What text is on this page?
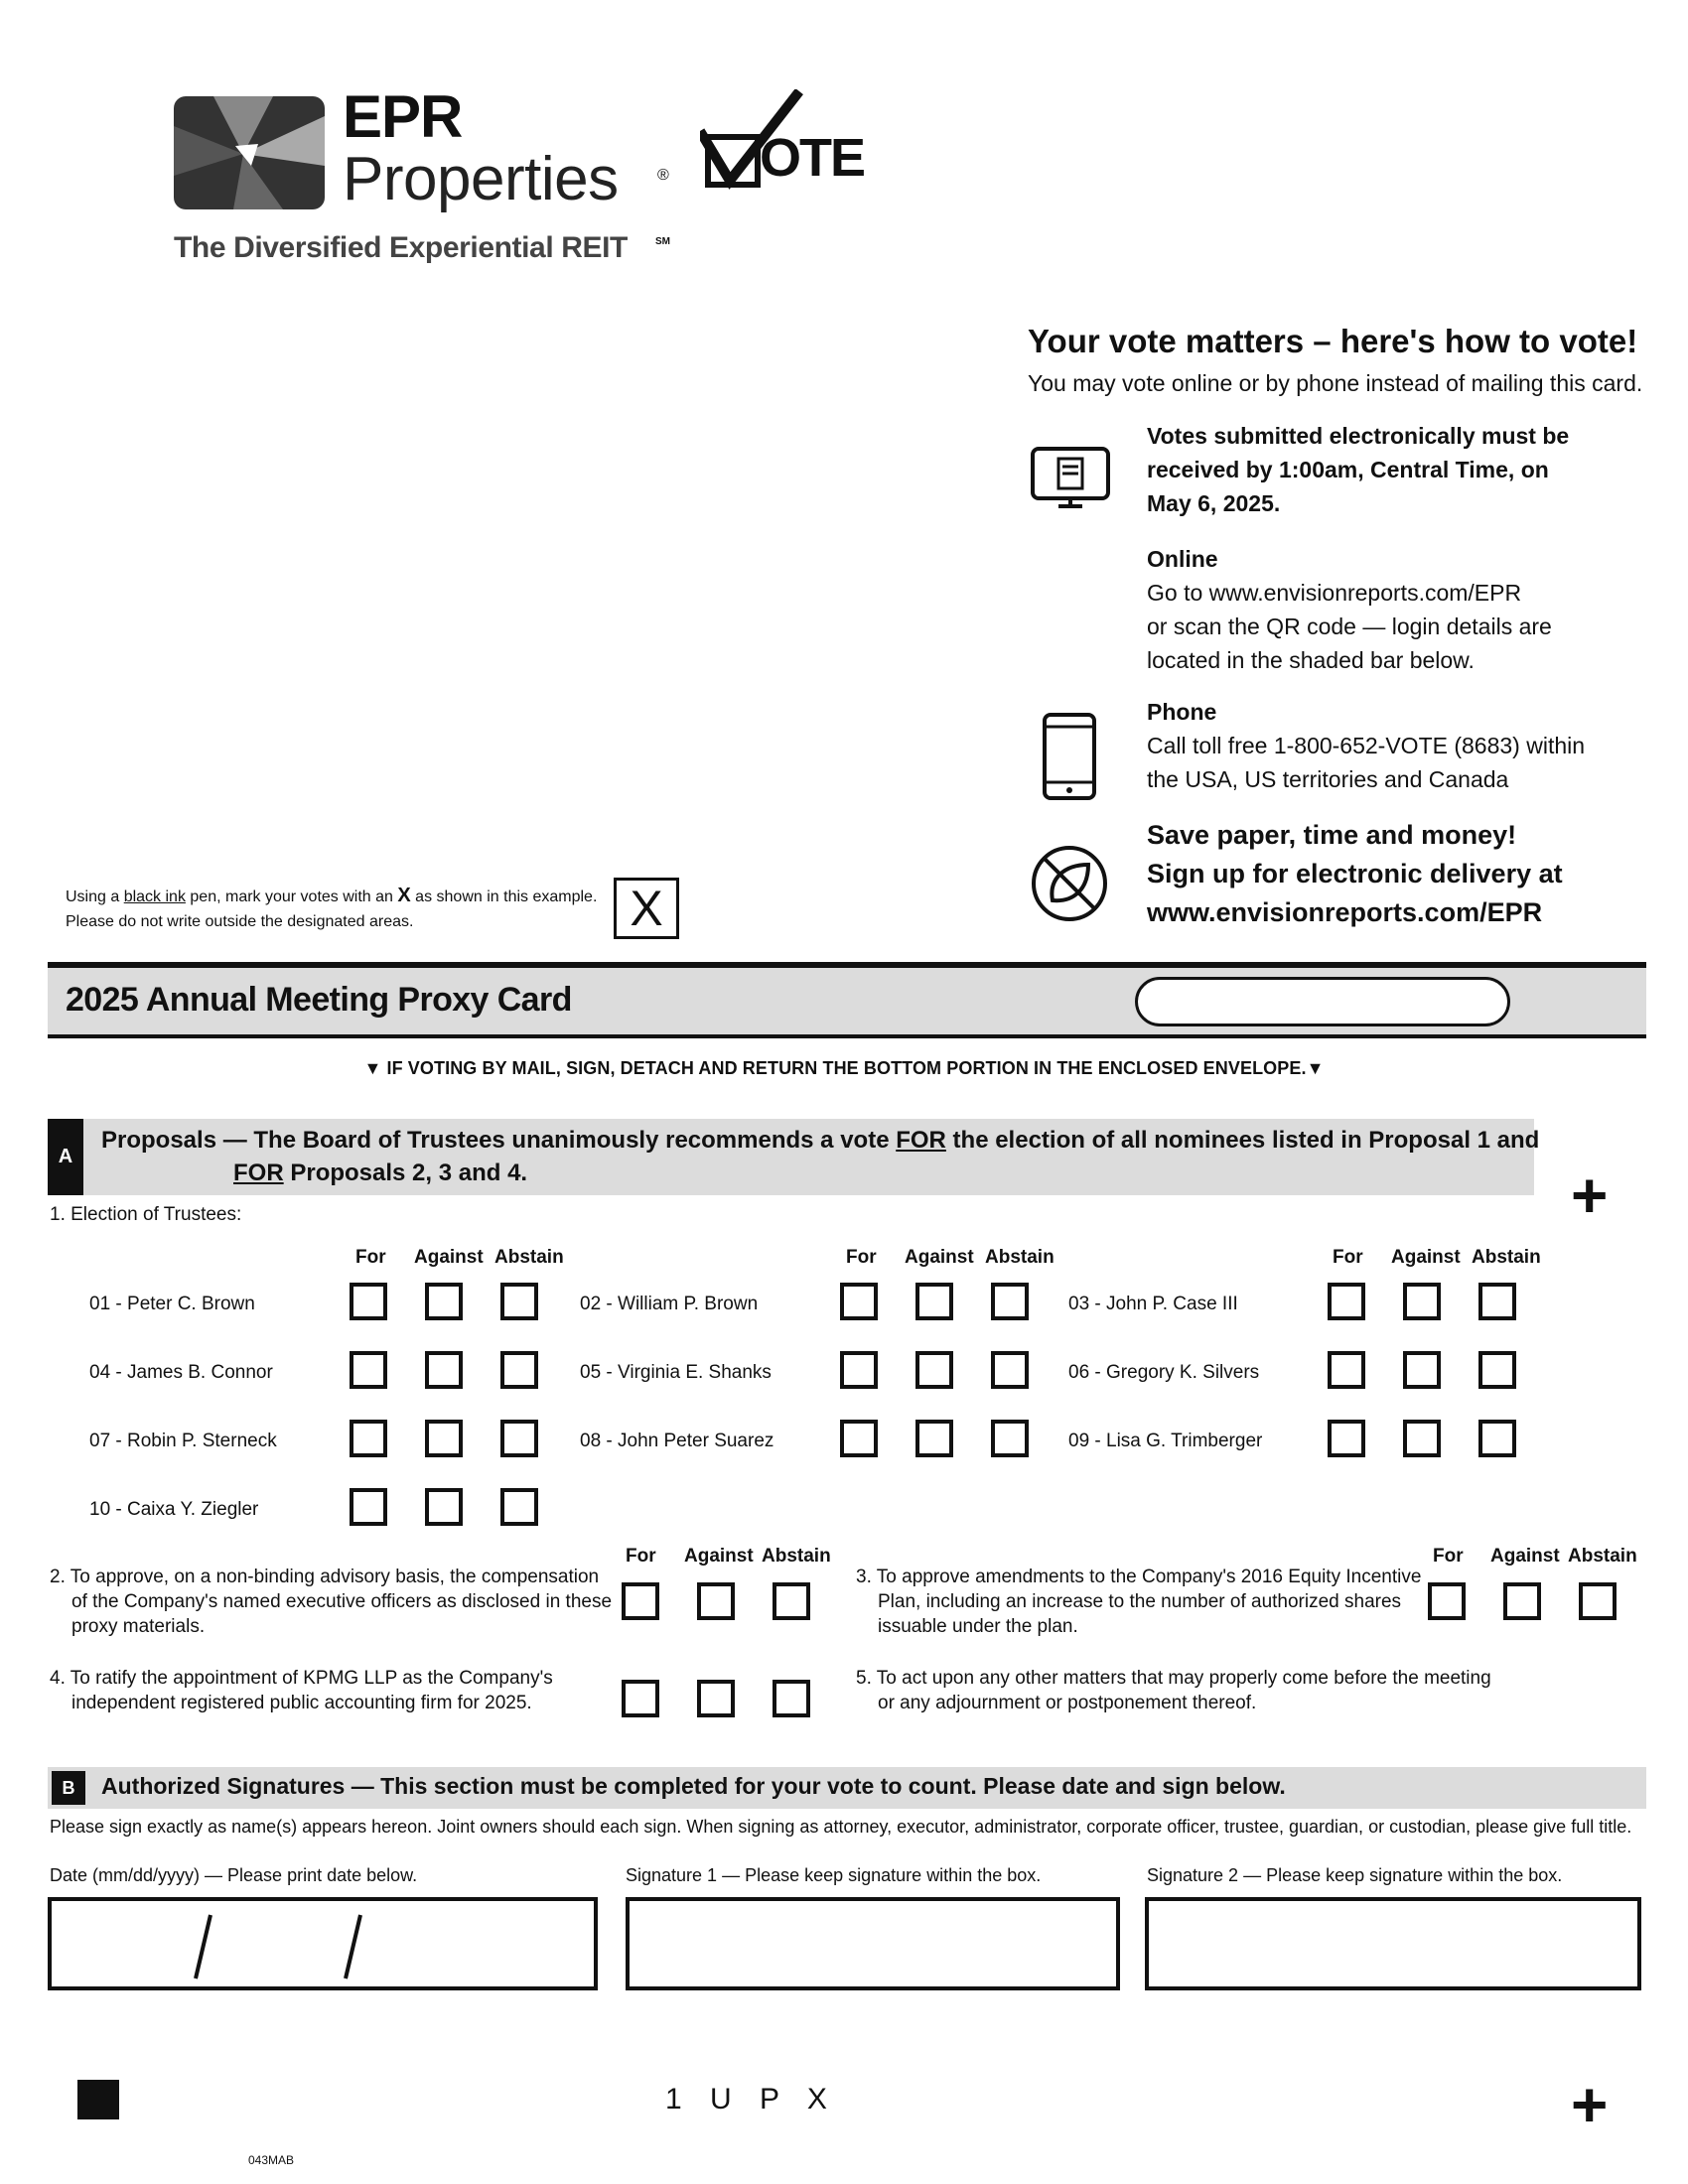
EPR
Properties ®
The Diversified Experiential REIT	SM
OTE
Your vote matters – here's how to vote!
You may vote online or by phone instead of mailing this card.
Votes submitted electronically must be
received by 1:00am, Central Time, on
May 6, 2025.
Online
Go to www.envisionreports.com/EPR
or scan the QR code — login details are
located in the shaded bar below.
Phone
Call toll free 1-800-652-VOTE (8683) within
the USA, US territories and Canada
Save paper, time and money!
Sign up for electronic delivery at
www.envisionreports.com/EPR
Using a black ink pen, mark your votes with an X as shown in this example.
Please do not write outside the designated areas.	X
2025 Annual Meeting Proxy Card
▼ IF VOTING BY MAIL, SIGN, DETACH AND RETURN THE BOTTOM PORTION IN THE ENCLOSED ENVELOPE.▼
A
Proposals — The Board of Trustees unanimously recommends a vote FOR the election of all nominees listed in Proposal 1 and
FOR Proposals 2, 3 and 4.	+
1. Election of Trustees:
For Against Abstain	For Against Abstain	For Against Abstain
01 - Peter C. Brown	02 - William P. Brown	03 - John P. Case III
04 - James B. Connor	05 - Virginia E. Shanks	06 - Gregory K. Silvers
07 - Robin P. Sterneck	08 - John Peter Suarez	09 - Lisa G. Trimberger
10 - Caixa Y. Ziegler
For Against Abstain
2. To approve, on a non-binding advisory basis, the compensation
of the Company's named executive officers as disclosed in these
proxy materials.
For Against Abstain
3. To approve amendments to the Company's 2016 Equity Incentive
Plan, including an increase to the number of authorized shares
issuable under the plan.
4. To ratify the appointment of KPMG LLP as the Company's
independent registered public accounting firm for 2025.
5. To act upon any other matters that may properly come before the meeting
or any adjournment or postponement thereof.
B	Authorized Signatures — This section must be completed for your vote to count. Please date and sign below.
Please sign exactly as name(s) appears hereon. Joint owners should each sign. When signing as attorney, executor, administrator, corporate officer, trustee, guardian, or custodian, please give full title.
Date (mm/dd/yyyy) — Please print date below.	Signature 1 — Please keep signature within the box.	Signature 2 — Please keep signature within the box.
1 U P X	+
043MAB
